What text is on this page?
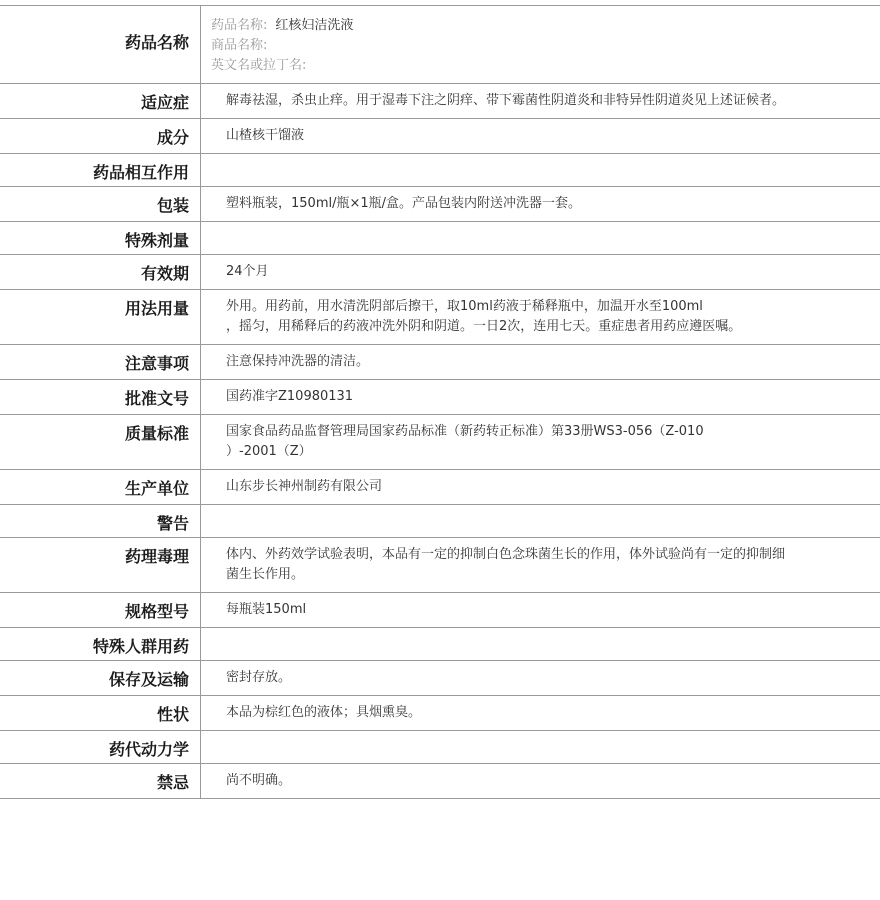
药品名称	药品名称: 红核妇洁洗液
商品名称:
英文名或拉丁名:

适应症	解毒祛湿，杀虫止痒。用于湿毒下注之阴痒、带下霉菌性阴道炎和非特异性阴道炎见上述证候者。

成分	山楂核干馏液

药品相互作用	

包装	塑料瓶装，150ml/瓶×1瓶/盒。产品包装内附送冲洗器一套。

特殊剂量	

有效期	24个月

用法用量	外用。用药前，用水清洗阴部后擦干，取10ml药液于稀释瓶中，加温开水至100ml
，摇匀，用稀释后的药液冲洗外阴和阴道。一日2次，连用七天。重症患者用药应遵医嘱。

注意事项	注意保持冲洗器的清洁。

批准文号	国药准字Z10980131

质量标准	国家食品药品监督管理局国家药品标准（新药转正标准）第33册WS3-056（Z-010
）-2001（Z）

生产单位	山东步长神州制药有限公司

警告	

药理毒理	体内、外药效学试验表明，本品有一定的抑制白色念珠菌生长的作用，体外试验尚有一定的抑制细菌生长作用。

规格型号	每瓶装150ml

特殊人群用药	

保存及运输	密封存放。

性状	本品为棕红色的液体；具烟熏臭。

药代动力学	

禁忌	尚不明确。
